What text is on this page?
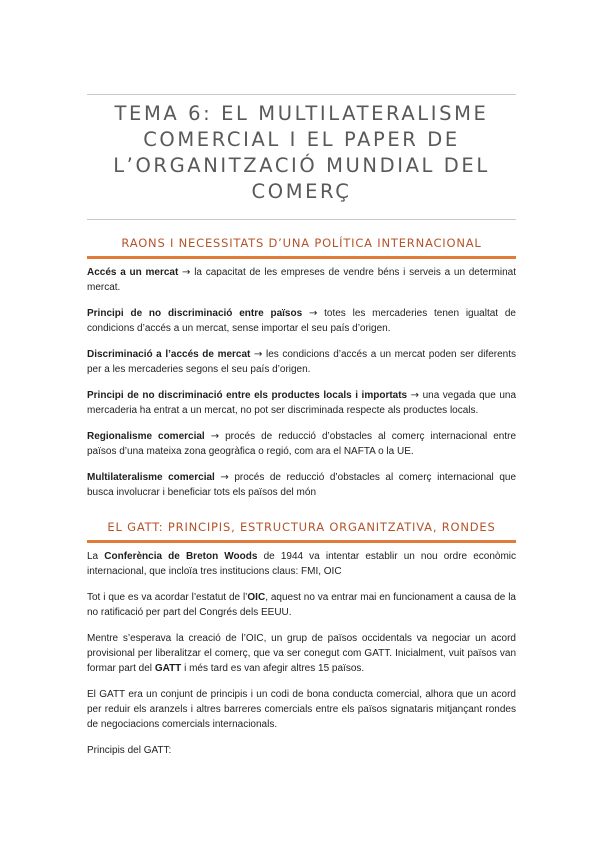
TEMA 6: EL MULTILATERALISME COMERCIAL I EL PAPER DE L’ORGANITZACIÓ MUNDIAL DEL COMERÇ
RAONS I NECESSITATS D’UNA POLÍTICA INTERNACIONAL

Accés a un mercat → la capacitat de les empreses de vendre béns i serveis a un determinat mercat.

Principi de no discriminació entre països → totes les mercaderies tenen igualtat de condicions d’accés a un mercat, sense importar el seu país d’origen.

Discriminació a l’accés de mercat → les condicions d’accés a un mercat poden ser diferents per a les mercaderies segons el seu país d’origen.

Principi de no discriminació entre els productes locals i importats → una vegada que una mercaderia ha entrat a un mercat, no pot ser discriminada respecte als productes locals.

Regionalisme comercial → procés de reducció d’obstacles al comerç internacional entre països d’una mateixa zona geogràfica o regió, com ara el NAFTA o la UE.

Multilateralisme comercial → procés de reducció d’obstacles al comerç internacional que busca involucrar i beneficiar tots els països del món

EL GATT: PRINCIPIS, ESTRUCTURA ORGANITZATIVA, RONDES

La Conferència de Breton Woods de 1944 va intentar establir un nou ordre econòmic internacional, que incloïa tres institucions claus: FMI, OIC

Tot i que es va acordar l’estatut de l’OIC, aquest no va entrar mai en funcionament a causa de la no ratificació per part del Congrés dels EEUU.

Mentre s’esperava la creació de l’OIC, un grup de països occidentals va negociar un acord provisional per liberalitzar el comerç, que va ser conegut com GATT. Inicialment, vuit països van formar part del GATT i més tard es van afegir altres 15 països.

El GATT era un conjunt de principis i un codi de bona conducta comercial, alhora que un acord per reduir els aranzels i altres barreres comercials entre els països signataris mitjançant rondes de negociacions comercials internacionals.

Principis del GATT:
